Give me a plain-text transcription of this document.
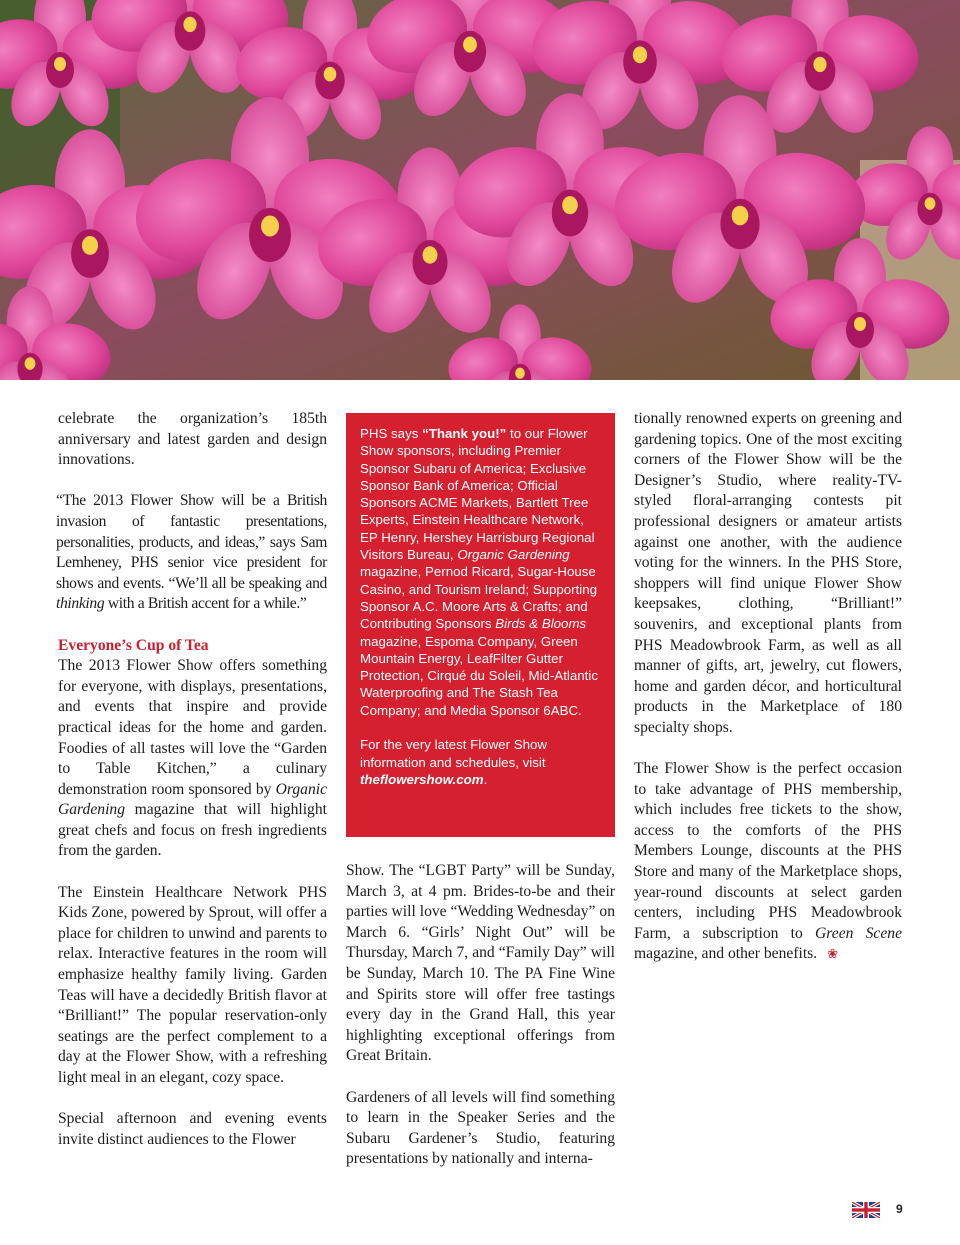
celebrate the organization’s 185th anniversary and latest garden and design innovations.

“The 2013 Flower Show will be a British invasion of fantastic presentations, personalities, products, and ideas,” says Sam Lemheney, PHS senior vice president for shows and events. “We’ll all be speaking and thinking with a British accent for a while.”

Everyone’s Cup of Tea

The 2013 Flower Show offers something for everyone, with displays, presentations, and events that inspire and provide practical ideas for the home and garden. Foodies of all tastes will love the “Garden to Table Kitchen,” a culinary demonstration room sponsored by Organic Gardening magazine that will highlight great chefs and focus on fresh ingredients from the garden.

The Einstein Healthcare Network PHS Kids Zone, powered by Sprout, will offer a place for children to unwind and parents to relax. Interactive features in the room will emphasize healthy family living. Garden Teas will have a decidedly British flavor at “Brilliant!” The popular reservation-only seatings are the perfect complement to a day at the Flower Show, with a refreshing light meal in an elegant, cozy space.

Special afternoon and evening events invite distinct audiences to the Flower

PHS says “Thank you!” to our Flower Show sponsors, including Premier Sponsor Subaru of America; Exclusive Sponsor Bank of America; Official Sponsors ACME Markets, Bartlett Tree Experts, Einstein Healthcare Network, EP Henry, Hershey Harrisburg Regional Visitors Bureau, Organic Gardening magazine, Pernod Ricard, Sugar-House Casino, and Tourism Ireland; Supporting Sponsor A.C. Moore Arts & Crafts; and Contributing Sponsors Birds & Blooms magazine, Espoma Company, Green Mountain Energy, LeafFilter Gutter Protection, Cirqué du Soleil, Mid-Atlantic Waterproofing and The Stash Tea Company; and Media Sponsor 6ABC.

For the very latest Flower Show information and schedules, visit theflowershow.com.

Show. The “LGBT Party” will be Sunday, March 3, at 4 pm. Brides-to-be and their parties will love “Wedding Wednesday” on March 6. “Girls’ Night Out” will be Thursday, March 7, and “Family Day” will be Sunday, March 10. The PA Fine Wine and Spirits store will offer free tastings every day in the Grand Hall, this year highlighting exceptional offerings from Great Britain.

Gardeners of all levels will find something to learn in the Speaker Series and the Subaru Gardener’s Studio, featuring presentations by nationally and interna-

tionally renowned experts on greening and gardening topics. One of the most exciting corners of the Flower Show will be the Designer’s Studio, where reality-TV-styled floral-arranging contests pit professional designers or amateur artists against one another, with the audience voting for the winners. In the PHS Store, shoppers will find unique Flower Show keepsakes, clothing, “Brilliant!” souvenirs, and exceptional plants from PHS Meadowbrook Farm, as well as all manner of gifts, art, jewelry, cut flowers, home and garden décor, and horticultural products in the Marketplace of 180 specialty shops.

The Flower Show is the perfect occasion to take advantage of PHS membership, which includes free tickets to the show, access to the comforts of the PHS Members Lounge, discounts at the PHS Store and many of the Marketplace shops, year-round discounts at select garden centers, including PHS Meadowbrook Farm, a subscription to Green Scene magazine, and other benefits. ❀

9
